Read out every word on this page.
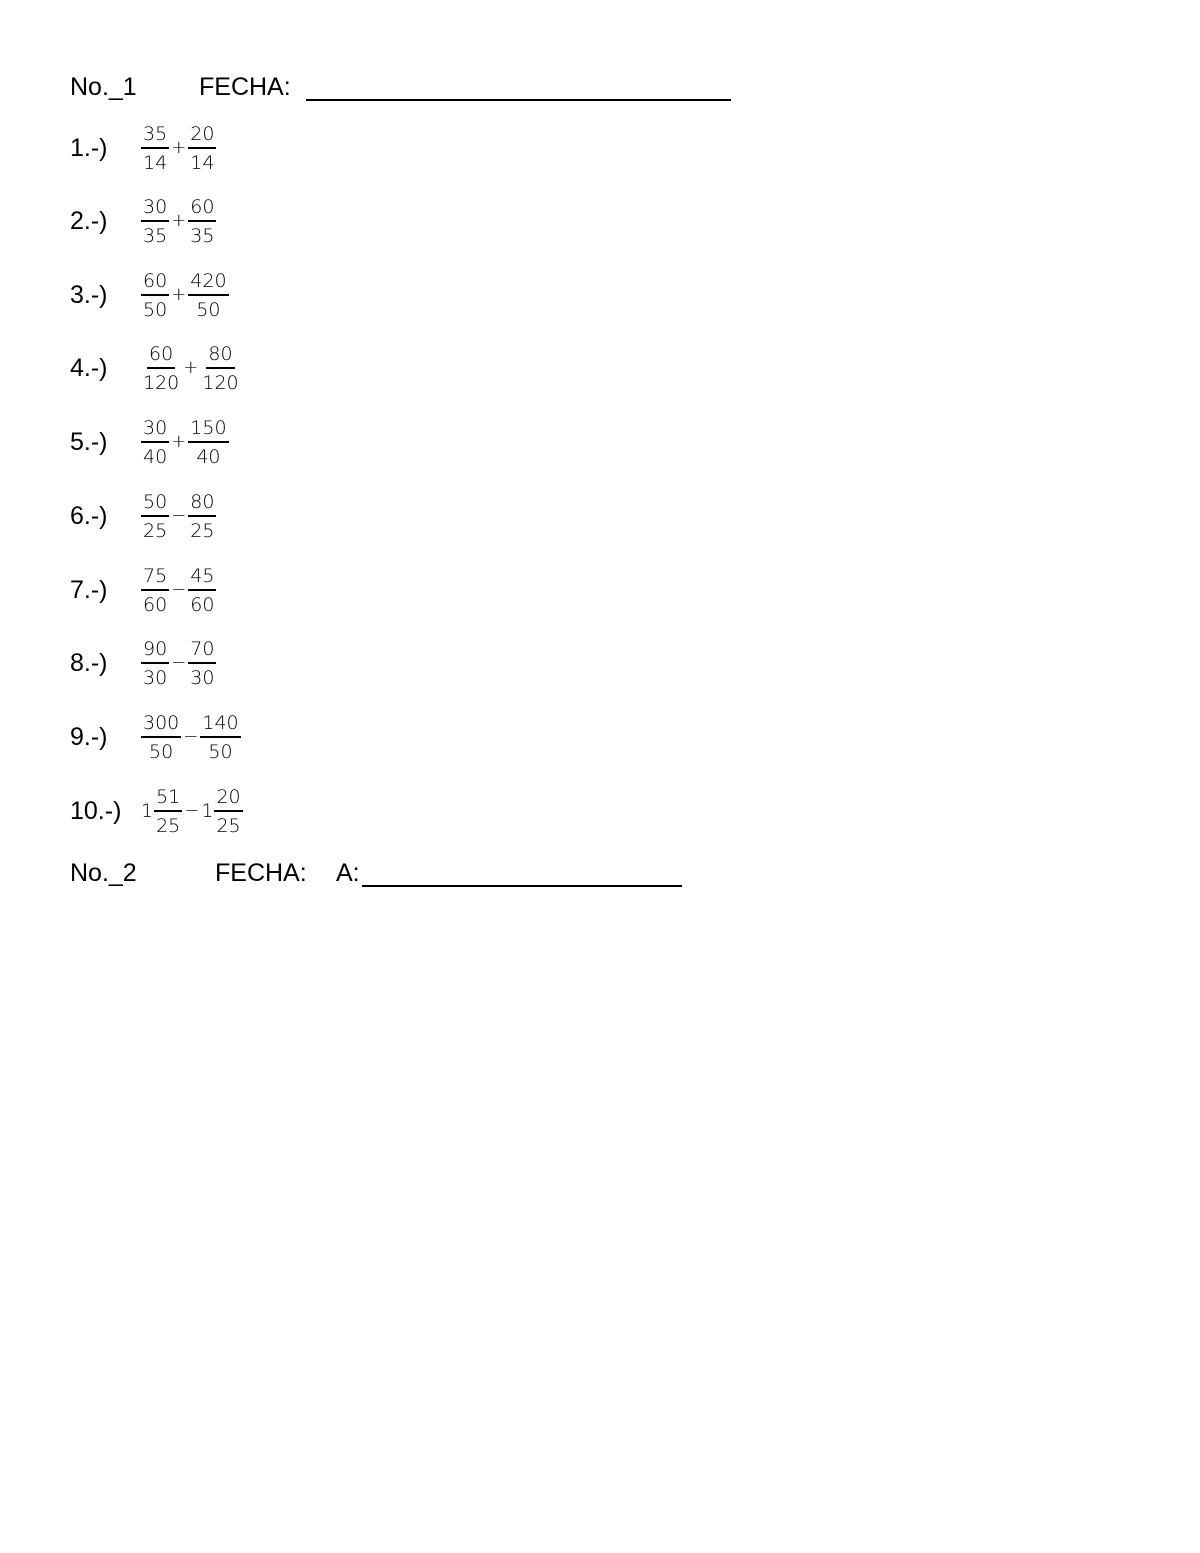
No._1 FECHA:
$1.-) \frac{35}{14} + \frac{20}{14}$
$2.-) \frac{30}{35} + \frac{60}{35}$
$3.-) \frac{60}{50} + \frac{420}{50}$
$4.-) \frac{60}{120} + \frac{80}{120}$
$5.-) \frac{30}{40} + \frac{150}{40}$
$6.-) \frac{50}{25} - \frac{80}{25}$
$7.-) \frac{75}{60} - \frac{45}{60}$
$8.-) \frac{90}{30} - \frac{70}{30}$
$9.-) \frac{300}{50} - \frac{140}{50}$
10.-) $1 \frac{51}{25} - 1 \frac{20}{25}$
No._2	FECHA: A:
